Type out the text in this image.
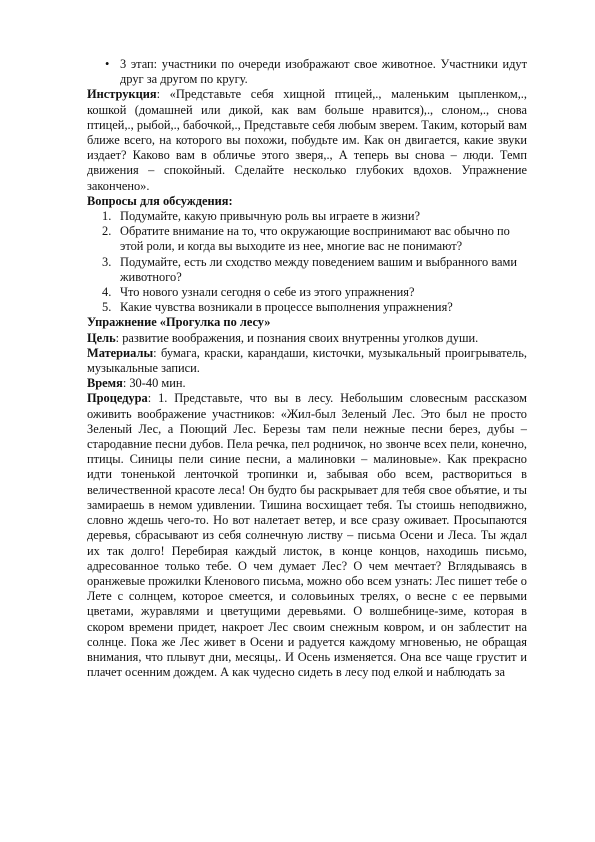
• 3 этап: участники по очереди изображают свое животное. Участники идут друг за другом по кругу.

Инструкция: «Представьте себя хищной птицей,., маленьким цыпленком,., кошкой (домашней или дикой, как вам больше нравится),., слоном,., снова птицей,., рыбой,., бабочкой,., Представьте себя любым зверем. Таким, который вам ближе всего, на которого вы похожи, побудьте им. Как он двигается, какие звуки издает? Каково вам в обличье этого зверя,., А теперь вы снова – люди. Темп движения – спокойный. Сделайте несколько глубоких вдохов. Упражнение закончено».

Вопросы для обсуждения:

1. Подумайте, какую привычную роль вы играете в жизни?
2. Обратите внимание на то, что окружающие воспринимают вас обычно по этой роли, и когда вы выходите из нее, многие вас не понимают?
3. Подумайте, есть ли сходство между поведением вашим и выбранного вами животного?
4. Что нового узнали сегодня о себе из этого упражнения?
5. Какие чувства возникали в процессе выполнения упражнения?

Упражнение «Прогулка по лесу»

Цель: развитие воображения, и познания своих внутренны уголков души.

Материалы: бумага, краски, карандаши, кисточки, музыкальный проигрыватель, музыкальные записи.

Время: 30-40 мин.

Процедура: 1. Представьте, что вы в лесу. Небольшим словесным рассказом оживить воображение участников: «Жил-был Зеленый Лес. Это был не просто Зеленый Лес, а Поющий Лес. Березы там пели нежные песни берез, дубы – стародавние песни дубов. Пела речка, пел родничок, но звонче всех пели, конечно, птицы. Синицы пели синие песни, а малиновки – малиновые». Как прекрасно идти тоненькой ленточкой тропинки и, забывая обо всем, раствориться в величественной красоте леса! Он будто бы раскрывает для тебя свое объятие, и ты замираешь в немом удивлении. Тишина восхищает тебя. Ты стоишь неподвижно, словно ждешь чего-то. Но вот налетает ветер, и все сразу оживает. Просыпаются деревья, сбрасывают из себя солнечную листву – письма Осени и Леса. Ты ждал их так долго! Перебирая каждый листок, в конце концов, находишь письмо, адресованное только тебе. О чем думает Лес? О чем мечтает? Вглядываясь в оранжевые прожилки Кленового письма, можно обо всем узнать: Лес пишет тебе о Лете с солнцем, которое смеется, и соловьиных трелях, о весне с ее первыми цветами, журавлями и цветущими деревьями. О волшебнице-зиме, которая в скором времени придет, накроет Лес своим снежным ковром, и он заблестит на солнце. Пока же Лес живет в Осени и радуется каждому мгновенью, не обращая внимания, что плывут дни, месяцы,. И Осень изменяется. Она все чаще грустит и плачет осенним дождем. А как чудесно сидеть в лесу под елкой и наблюдать за
